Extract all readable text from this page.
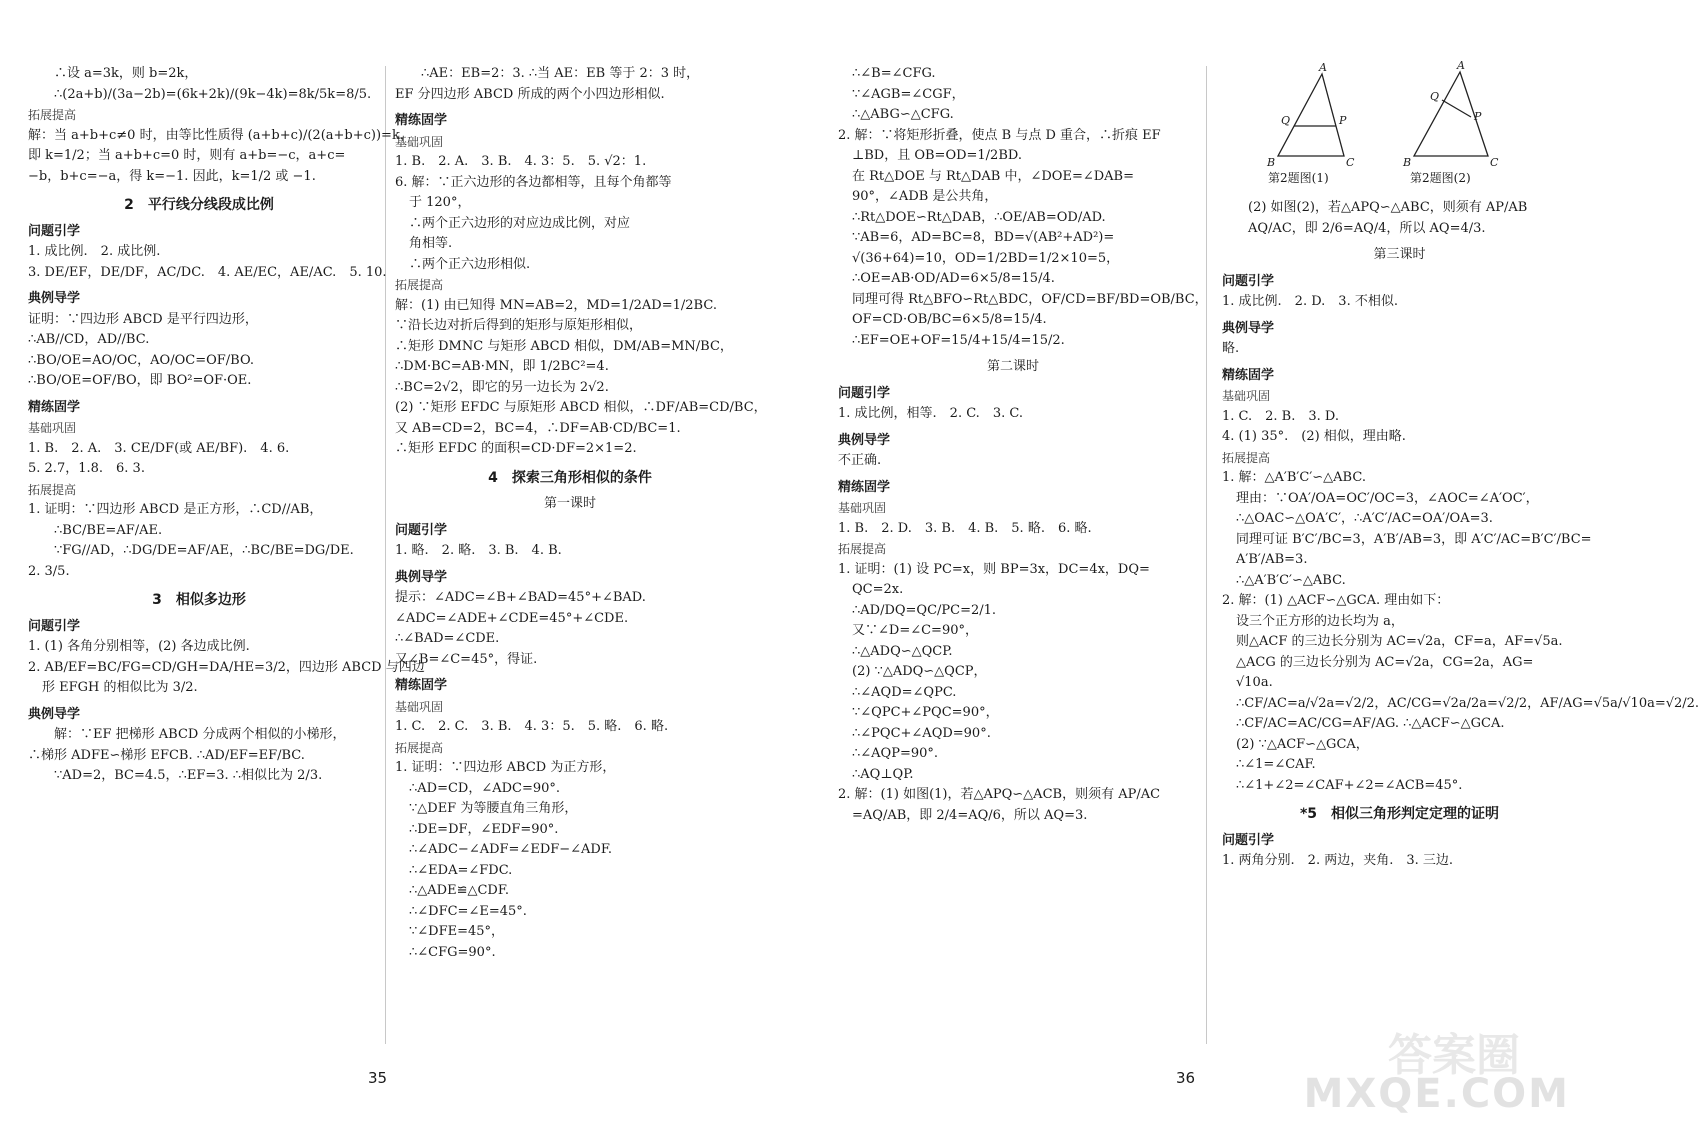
∴设 a=3k，则 b=2k，
∴(2a+b)/(3a−2b)=(6k+2k)/(9k−4k)=8k/5k=8/5.
拓展提高
解：当 a+b+c≠0 时，由等比性质得 (a+b+c)/(2(a+b+c))=k，
即 k=1/2；当 a+b+c=0 时，则有 a+b=−c，a+c=
−b，b+c=−a，得 k=−1. 因此，k=1/2 或 −1.
2　平行线分线段成比例
问题引学
1. 成比例.　2. 成比例.
3. DE/EF，DE/DF，AC/DC.　4. AE/EC，AE/AC.　5. 10.
典例导学
证明：∵四边形 ABCD 是平行四边形，
∴AB//CD，AD//BC.
∴BO/OE=AO/OC，AO/OC=OF/BO.
∴BO/OE=OF/BO，即 BO²=OF·OE.
精练固学
基础巩固
1. B.　2. A.　3. CE/DF(或 AE/BF).　4. 6.
5. 2.7，1.8.　6. 3.
拓展提高
1. 证明：∵四边形 ABCD 是正方形，∴CD//AB，
∴BC/BE=AF/AE.
∵FG//AD，∴DG/DE=AF/AE，∴BC/BE=DG/DE.
2. 3/5.
3　相似多边形
问题引学
1. (1) 各角分别相等，(2) 各边成比例.
2. AB/EF=BC/FG=CD/GH=DA/HE=3/2，四边形 ABCD 与四边
形 EFGH 的相似比为 3/2.
典例导学
解：∵EF 把梯形 ABCD 分成两个相似的小梯形，
∴梯形 ADFE∽梯形 EFCB. ∴AD/EF=EF/BC.
∵AD=2，BC=4.5，∴EF=3. ∴相似比为 2/3.
∴AE：EB=2：3. ∴当 AE：EB 等于 2：3 时，
EF 分四边形 ABCD 所成的两个小四边形相似.
精练固学
基础巩固
1. B.　2. A.　3. B.　4. 3：5.　5. √2：1.
6. 解：∵正六边形的各边都相等，且每个角都等
于 120°，
∴两个正六边形的对应边成比例，对应
角相等.
∴两个正六边形相似.
拓展提高
解：(1) 由已知得 MN=AB=2，MD=1/2AD=1/2BC.
∵沿长边对折后得到的矩形与原矩形相似，
∴矩形 DMNC 与矩形 ABCD 相似，DM/AB=MN/BC，
∴DM·BC=AB·MN，即 1/2BC²=4.
∴BC=2√2，即它的另一边长为 2√2.
(2) ∵矩形 EFDC 与原矩形 ABCD 相似，∴DF/AB=CD/BC，
又 AB=CD=2，BC=4，∴DF=AB·CD/BC=1.
∴矩形 EFDC 的面积=CD·DF=2×1=2.
4　探索三角形相似的条件
第一课时
问题引学
1. 略.　2. 略.　3. B.　4. B.
典例导学
提示：∠ADC=∠B+∠BAD=45°+∠BAD.
∠ADC=∠ADE+∠CDE=45°+∠CDE.
∴∠BAD=∠CDE.
又∠B=∠C=45°，得证.
精练固学
基础巩固
1. C.　2. C.　3. B.　4. 3：5.　5. 略.　6. 略.
拓展提高
1. 证明：∵四边形 ABCD 为正方形，
∴AD=CD，∠ADC=90°.
∵△DEF 为等腰直角三角形，
∴DE=DF，∠EDF=90°.
∴∠ADC−∠ADF=∠EDF−∠ADF.
∴∠EDA=∠FDC.
∴△ADE≌△CDF.
∴∠DFC=∠E=45°.
∵∠DFE=45°，
∴∠CFG=90°.
∴∠B=∠CFG.
∵∠AGB=∠CGF，
∴△ABG∽△CFG.
2. 解：∵将矩形折叠，使点 B 与点 D 重合，∴折痕 EF
⊥BD，且 OB=OD=1/2BD.
在 Rt△DOE 与 Rt△DAB 中，∠DOE=∠DAB=
90°，∠ADB 是公共角，
∴Rt△DOE∽Rt△DAB，∴OE/AB=OD/AD.
∵AB=6，AD=BC=8，BD=√(AB²+AD²)=
√(36+64)=10，OD=1/2BD=1/2×10=5，
∴OE=AB·OD/AD=6×5/8=15/4.
同理可得 Rt△BFO∽Rt△BDC，OF/CD=BF/BD=OB/BC，
OF=CD·OB/BC=6×5/8=15/4.
∴EF=OE+OF=15/4+15/4=15/2.
第二课时
问题引学
1. 成比例，相等.　2. C.　3. C.
典例导学
不正确.
精练固学
基础巩固
1. B.　2. D.　3. B.　4. B.　5. 略.　6. 略.
拓展提高
1. 证明：(1) 设 PC=x，则 BP=3x，DC=4x，DQ=
QC=2x.
∴AD/DQ=QC/PC=2/1.
又∵∠D=∠C=90°，
∴△ADQ∽△QCP.
(2) ∵△ADQ∽△QCP，
∴∠AQD=∠QPC.
∵∠QPC+∠PQC=90°，
∴∠PQC+∠AQD=90°.
∴∠AQP=90°.
∴AQ⊥QP.
2. 解：(1) 如图(1)，若△APQ∽△ACB，则须有 AP/AC
=AQ/AB，即 2/4=AQ/6，所以 AQ=3.
A
B	C
Q	P
A
B	C
Q
P
第2题图(1)	第2题图(2)
(2) 如图(2)，若△APQ∽△ABC，则须有 AP/AB
AQ/AC，即 2/6=AQ/4，所以 AQ=4/3.
第三课时
问题引学
1. 成比例.　2. D.　3. 不相似.
典例导学
略.
精练固学
基础巩固
1. C.　2. B.　3. D.
4. (1) 35°.　(2) 相似，理由略.
拓展提高
1. 解：△A′B′C′∽△ABC.
理由：∵OA′/OA=OC′/OC=3，∠AOC=∠A′OC′，
∴△OAC∽△OA′C′，∴A′C′/AC=OA′/OA=3.
同理可证 B′C′/BC=3，A′B′/AB=3，即 A′C′/AC=B′C′/BC=
A′B′/AB=3.
∴△A′B′C′∽△ABC.
2. 解：(1) △ACF∽△GCA. 理由如下：
设三个正方形的边长均为 a，
则△ACF 的三边长分别为 AC=√2a，CF=a，AF=√5a.
△ACG 的三边长分别为 AC=√2a，CG=2a，AG=
√10a.
∴CF/AC=a/√2a=√2/2，AC/CG=√2a/2a=√2/2，AF/AG=√5a/√10a=√2/2.
∴CF/AC=AC/CG=AF/AG. ∴△ACF∽△GCA.
(2) ∵△ACF∽△GCA，
∴∠1=∠CAF.
∴∠1+∠2=∠CAF+∠2=∠ACB=45°.
*5　相似三角形判定定理的证明
问题引学
1. 两角分别.　2. 两边，夹角.　3. 三边.
35	36	答案圈
MXQE.COM
